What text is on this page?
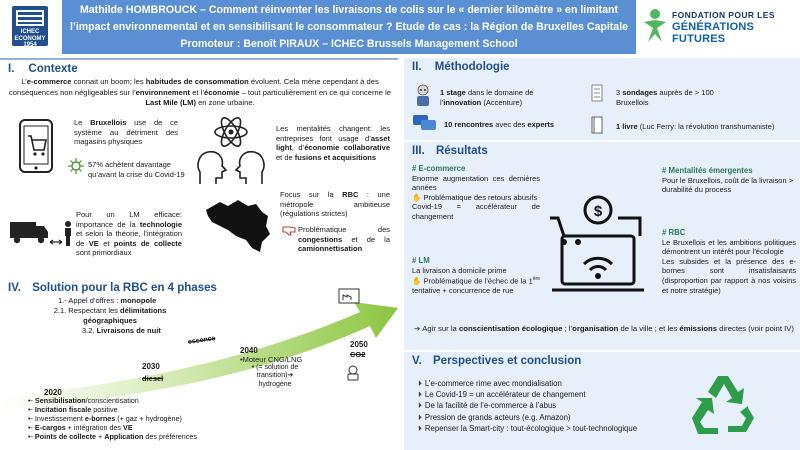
ICHEC
ECONOMY
1954
Mathilde HOMBROUCK – Comment réinventer les livraisons de colis sur le « dernier kilomètre » en limitant
l’impact environnemental et en sensibilisant le consommateur ? Etude de cas : la Région de Bruxelles Capitale
Promoteur : Benoît PIRAUX – ICHEC Brussels Management School
FONDATION POUR LES
GÉNÉRATIONS FUTURES
I. Contexte
L’e-commerce connait un boom; les habitudes de consommation évoluent. Cela mène cependant à des conséquences non négligeables sur l’environnement et l’économie – tout particulièrement en ce qui concerne le Last Mile (LM) en zone urbaine.
Le Bruxellois use de ce système au détriment des magasins physiques
57% achètent davantage qu’avant la crise du Covid-19
Les mentalités changent: les entreprises font usage d’asset light, d’économie collaborative et de fusions et acquisitions
Pour un LM efficace: importance de la technologie et selon la théorie, l’intégration de VE et points de collecte sont primordiaux
Focus sur la RBC : une métropole ambitieuse (régulations strictes)
Problématique des congestions et de la camionnettisation
II. Méthodologie
1 stage dans le domaine de l’innovation (Accenture)
3 sondages auprès de > 100 Bruxellois
10 rencontres avec des experts	1 livre (Luc Ferry: la révolution transhumaniste)
III. Résultats
# E-commerce
Enorme augmentation ces dernières années
✋ Problématique des retours abusifs
Covid-19 = accélérateur de changement
# LM
La livraison à domicile prime
✋ Problématique de l’échec de la 1ère tentative + concurrence de rue
$
# Mentalités émergentes
Pour le Bruxellois, coût de la livraison > durabilité du process
# RBC
Le Bruxellois et les ambitions politiques démontrent un intérêt pour l’écologie
Les subsides et la présence des e-bornes sont insatisfaisants (disproportion par rapport à nos voisins et notre stratégie)
➔ Agir sur la conscientisation écologique ; l’organisation de la ville ; et les émissions directes (voir point IV)
IV. Solution pour la RBC en 4 phases
1.- Appel d’offres : monopole
2.1. Respectant les délimitations géographiques
3.2. Livraisons de nuit
essence
2030
diesel
2040
•Moteur CNG/LNG
• (= solution de transition)➔ hydrogène
2050
CO2
2020
•- Sensibilisation/conscientisation
•- Incitation fiscale positive
•- Investissement e-bornes (+ gaz + hydrogène)
•- E-cargos + intégration des VE
•- Points de collecte + Application des préférences
V. Perspectives et conclusion
⏵ L’e-commerce rime avec mondialisation
⏵ Le Covid-19 = un accélérateur de changement
⏵ De la facilité de l’e-commerce à l’abus
⏵ Pression de grands acteurs (e.g. Amazon)
⏵ Repenser la Smart-city : tout-écologique > tout-technologique
